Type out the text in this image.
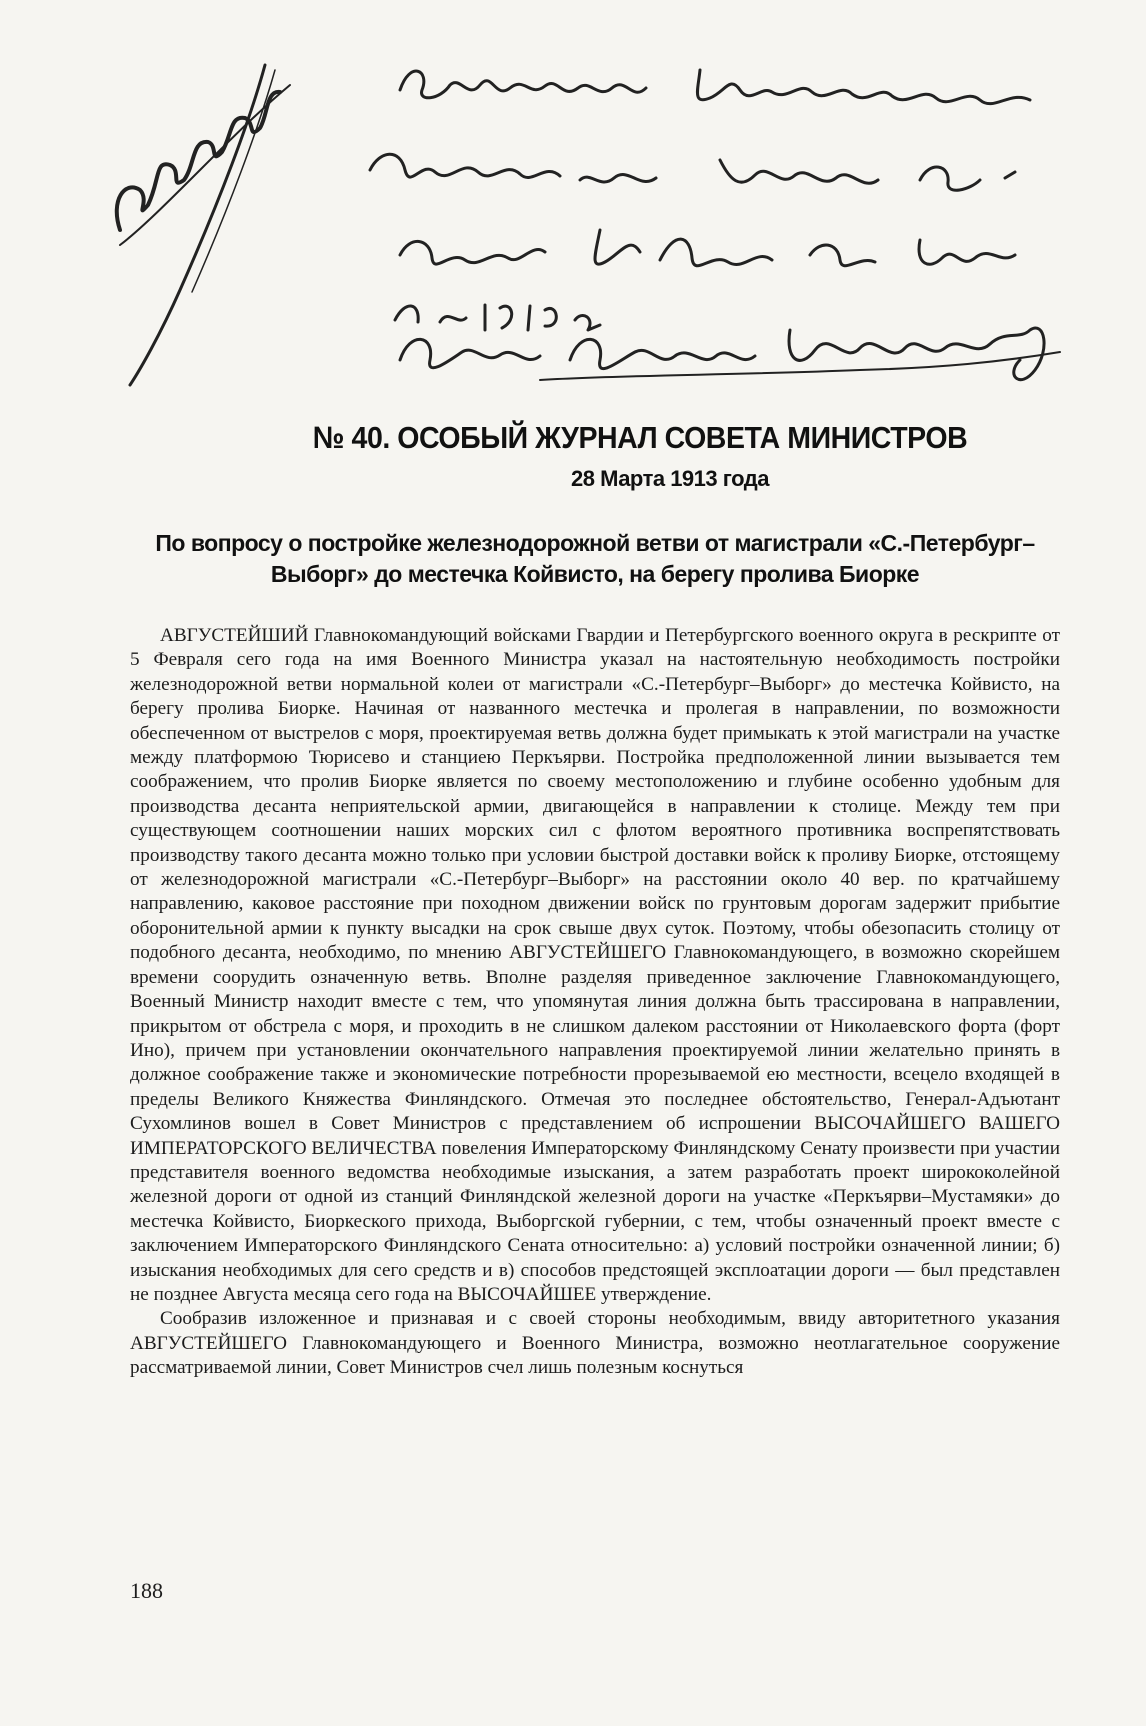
№ 40. ОСОБЫЙ ЖУРНАЛ СОВЕТА МИНИСТРОВ
28 Марта 1913 года
По вопросу о постройке железнодорожной ветви от магистрали «С.-Петербург–Выборг» до местечка Койвисто, на берегу пролива Биорке

АВГУСТЕЙШИЙ Главнокомандующий войсками Гвардии и Петербургского военного округа в рескрипте от 5 Февраля сего года на имя Военного Министра указал на настоятельную необходимость постройки железнодорожной ветви нормальной колеи от магистрали «С.-Петербург–Выборг» до местечка Койвисто, на берегу пролива Биорке. Начиная от названного местечка и пролегая в направлении, по возможности обеспеченном от выстрелов с моря, проектируемая ветвь должна будет примыкать к этой магистрали на участке между платформою Тюрисево и станциею Перкъярви. Постройка предположенной линии вызывается тем соображением, что пролив Биорке является по своему местоположению и глубине особенно удобным для производства десанта неприятельской армии, двигающейся в направлении к столице. Между тем при существующем соотношении наших морских сил с флотом вероятного противника воспрепятствовать производству такого десанта можно только при условии быстрой доставки войск к проливу Биорке, отстоящему от железнодорожной магистрали «С.-Петербург–Выборг» на расстоянии около 40 вер. по кратчайшему направлению, каковое расстояние при походном движении войск по грунтовым дорогам задержит прибытие оборонительной армии к пункту высадки на срок свыше двух суток. Поэтому, чтобы обезопасить столицу от подобного десанта, необходимо, по мнению АВГУСТЕЙШЕГО Главнокомандующего, в возможно скорейшем времени соорудить означенную ветвь. Вполне разделяя приведенное заключение Главнокомандующего, Военный Министр находит вместе с тем, что упомянутая линия должна быть трассирована в направлении, прикрытом от обстрела с моря, и проходить в не слишком далеком расстоянии от Николаевского форта (форт Ино), причем при установлении окончательного направления проектируемой линии желательно принять в должное соображение также и экономические потребности прорезываемой ею местности, всецело входящей в пределы Великого Княжества Финляндского. Отмечая это последнее обстоятельство, Генерал-Адъютант Сухомлинов вошел в Совет Министров с представлением об испрошении ВЫСОЧАЙШЕГО ВАШЕГО ИМПЕРАТОРСКОГО ВЕЛИЧЕСТВА повеления Императорскому Финляндскому Сенату произвести при участии представителя военного ведомства необходимые изыскания, а затем разработать проект ширококолейной железной дороги от одной из станций Финляндской железной дороги на участке «Перкъярви–Мустамяки» до местечка Койвисто, Биоркеского прихода, Выборгской губернии, с тем, чтобы означенный проект вместе с заключением Императорского Финляндского Сената относительно: а) условий постройки означенной линии; б) изыскания необходимых для сего средств и в) способов предстоящей эксплоатации дороги — был представлен не позднее Августа месяца сего года на ВЫСОЧАЙШЕЕ утверждение.

Сообразив изложенное и признавая и с своей стороны необходимым, ввиду авторитетного указания АВГУСТЕЙШЕГО Главнокомандующего и Военного Министра, возможно неотлагательное сооружение рассматриваемой линии, Совет Министров счел лишь полезным коснуться

188
